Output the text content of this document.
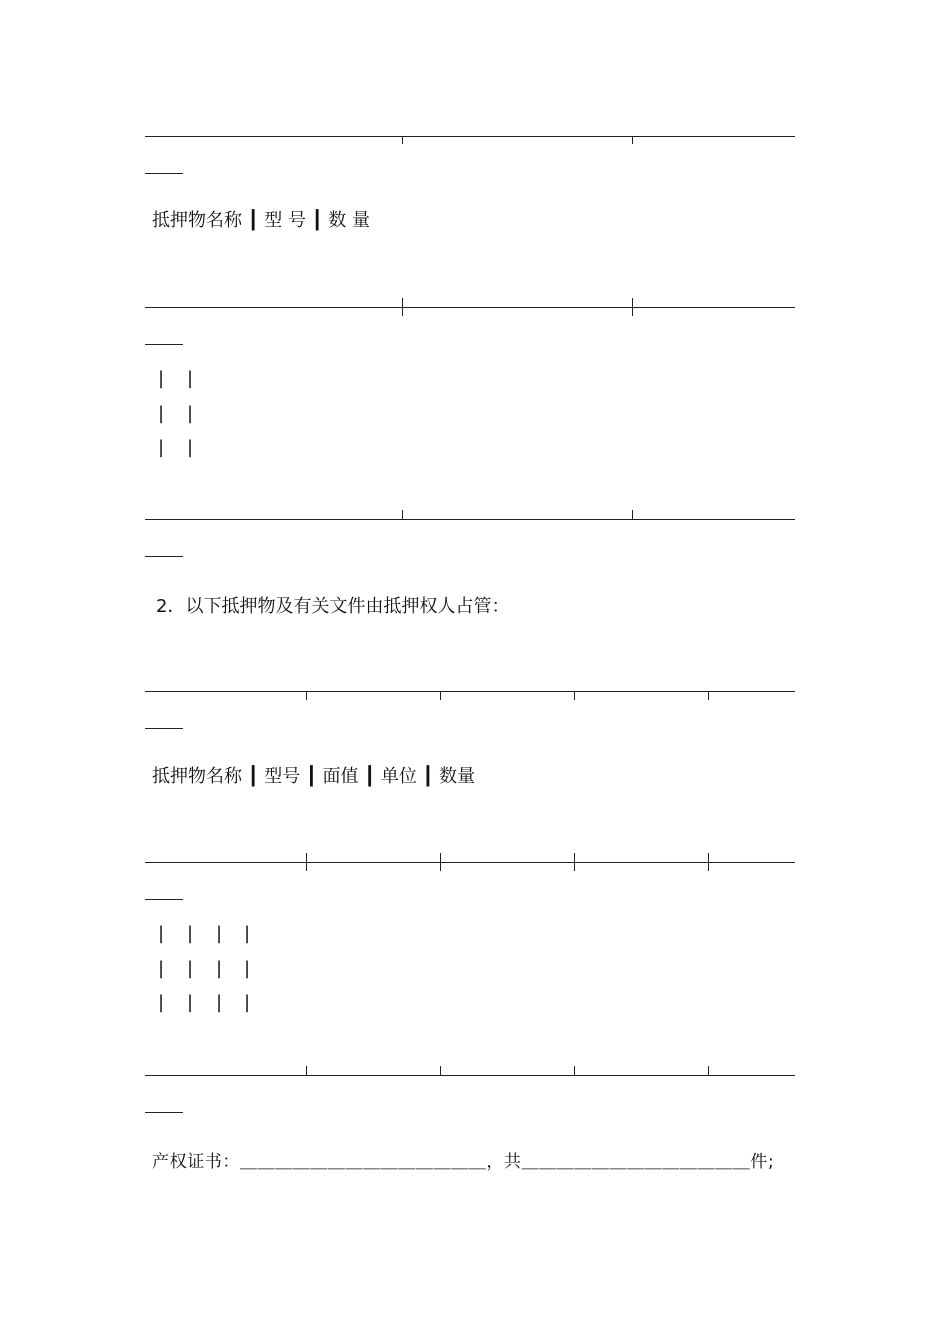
抵押物名称 ┃ 型 号 ┃ 数 量
| |
| |
| |
2．以下抵押物及有关文件由抵押权人占管：
抵押物名称 ┃ 型号 ┃ 面值 ┃ 单位 ┃ 数量
| | | |
| | | |
| | | |
产权证书：＿＿＿＿＿＿＿＿＿＿＿＿＿＿，共＿＿＿＿＿＿＿＿＿＿＿＿＿件;
